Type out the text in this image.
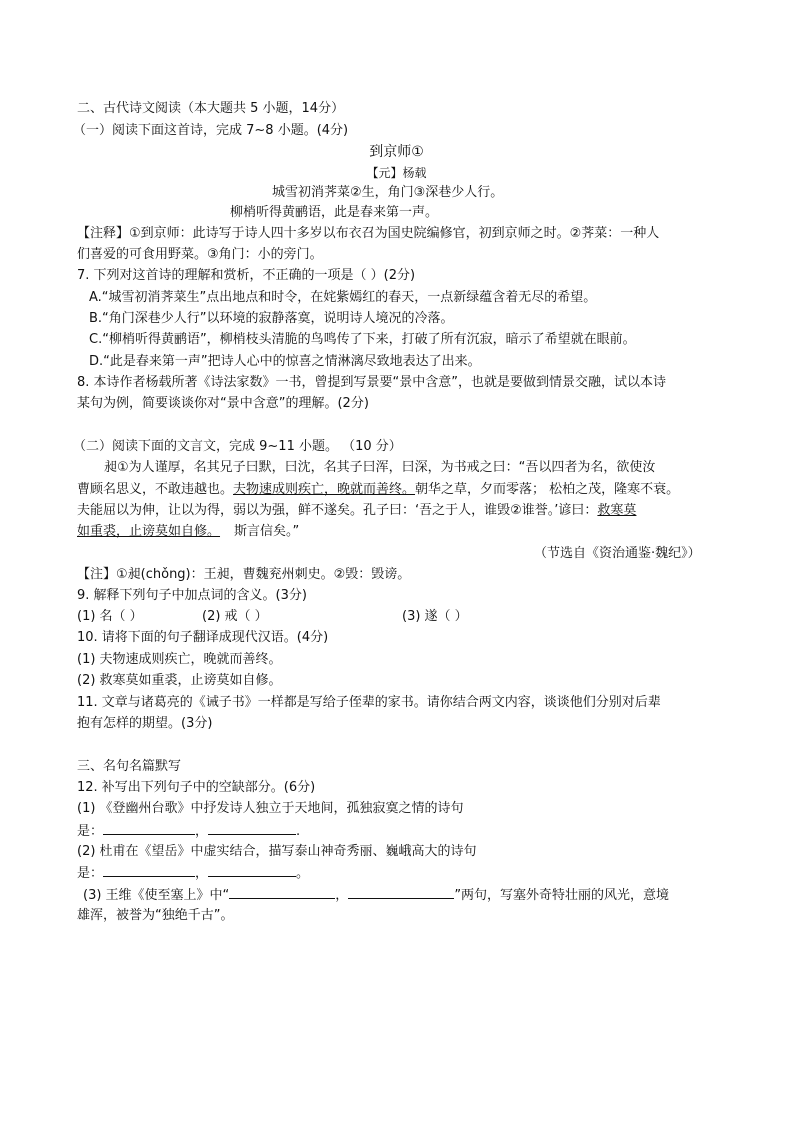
二、古代诗文阅读（本大题共 5 小题，14分）
（一）阅读下面这首诗，完成 7~8 小题。(4分)
到京师①
【元】杨载
城雪初消荠菜②生，角门③深巷少人行。
柳梢听得黄鹂语，此是春来第一声。
【注释】①到京师：此诗写于诗人四十多岁以布衣召为国史院编修官，初到京师之时。②荠菜：一种人
们喜爱的可食用野菜。③角门：小的旁门。
7. 下列对这首诗的理解和赏析，不正确的一项是（ ）(2分)
A.“城雪初消荠菜生”点出地点和时令，在姹紫嫣红的春天，一点新绿蕴含着无尽的希望。
B.“角门深巷少人行”以环境的寂静落寞，说明诗人境况的冷落。
C.“柳梢听得黄鹂语”，柳梢枝头清脆的鸟鸣传了下来，打破了所有沉寂，暗示了希望就在眼前。
D.“此是春来第一声”把诗人心中的惊喜之情淋漓尽致地表达了出来。
8. 本诗作者杨载所著《诗法家数》一书，曾提到写景要“景中含意”，也就是要做到情景交融，试以本诗
某句为例，简要谈谈你对“景中含意”的理解。(2分)
（二）阅读下面的文言文，完成 9~11 小题。 （10 分）
昶①为人谨厚，名其兄子曰默，曰沈，名其子曰浑，曰深，为书戒之曰：“吾以四者为名，欲使汝
曹顾名思义，不敢违越也。夫物速成则疾亡，晚就而善终。朝华之草，夕而零落； 松柏之茂，隆寒不衰。
夫能屈以为伸，让以为得，弱以为强，鲜不遂矣。孔子曰：‘吾之于人，谁毁②谁誉。’谚曰：救寒莫
如重裘，止谤莫如自修。 斯言信矣。”
（节选自《资治通鉴·魏纪》）
【注】①昶(chǒng)：王昶，曹魏兖州刺史。②毁：毁谤。
9. 解释下列句子中加点词的含义。(3分)
(1) 名（ ）	(2) 戒（ ）	(3) 遂（ ）
10. 请将下面的句子翻译成现代汉语。(4分)
(1) 夫物速成则疾亡，晚就而善终。
(2) 救寒莫如重裘，止谤莫如自修。
11. 文章与诸葛亮的《诫子书》一样都是写给子侄辈的家书。请你结合两文内容，谈谈他们分别对后辈
抱有怎样的期望。(3分)
三、名句名篇默写
12. 补写出下列句子中的空缺部分。(6分)
(1) 《登幽州台歌》中抒发诗人独立于天地间，孤独寂寞之情的诗句
是：	，	.
(2) 杜甫在《望岳》中虚实结合，描写泰山神奇秀丽、巍峨高大的诗句
是：	，	。
(3) 王维《使至塞上》中“	，	”两句，写塞外奇特壮丽的风光，意境
雄浑，被誉为“独绝千古”。
